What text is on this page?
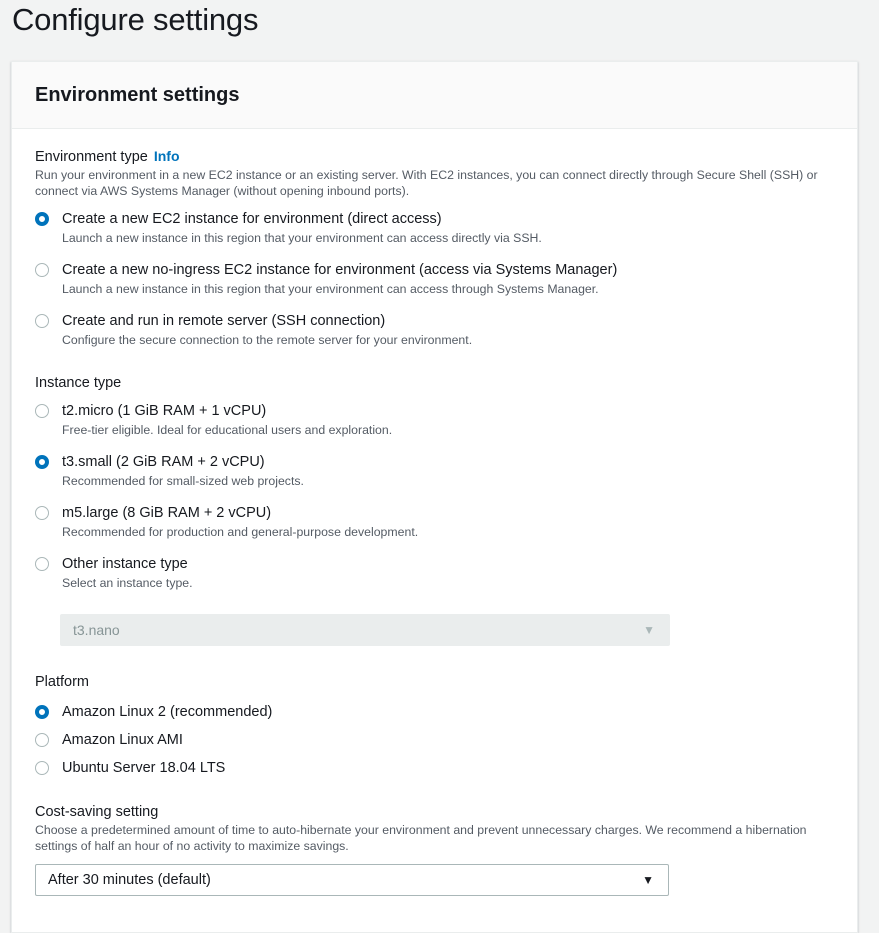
Configure settings
Environment settings
Environment type Info
Run your environment in a new EC2 instance or an existing server. With EC2 instances, you can connect directly through Secure Shell (SSH) or connect via AWS Systems Manager (without opening inbound ports).
Create a new EC2 instance for environment (direct access)
Launch a new instance in this region that your environment can access directly via SSH.
Create a new no-ingress EC2 instance for environment (access via Systems Manager)
Launch a new instance in this region that your environment can access through Systems Manager.
Create and run in remote server (SSH connection)
Configure the secure connection to the remote server for your environment.
Instance type
t2.micro (1 GiB RAM + 1 vCPU)
Free-tier eligible. Ideal for educational users and exploration.
t3.small (2 GiB RAM + 2 vCPU)
Recommended for small-sized web projects.
m5.large (8 GiB RAM + 2 vCPU)
Recommended for production and general-purpose development.
Other instance type
Select an instance type.
t3.nano	▼
Platform
Amazon Linux 2 (recommended)
Amazon Linux AMI
Ubuntu Server 18.04 LTS
Cost-saving setting
Choose a predetermined amount of time to auto-hibernate your environment and prevent unnecessary charges. We recommend a hibernation settings of half an hour of no activity to maximize savings.
After 30 minutes (default)	▼
